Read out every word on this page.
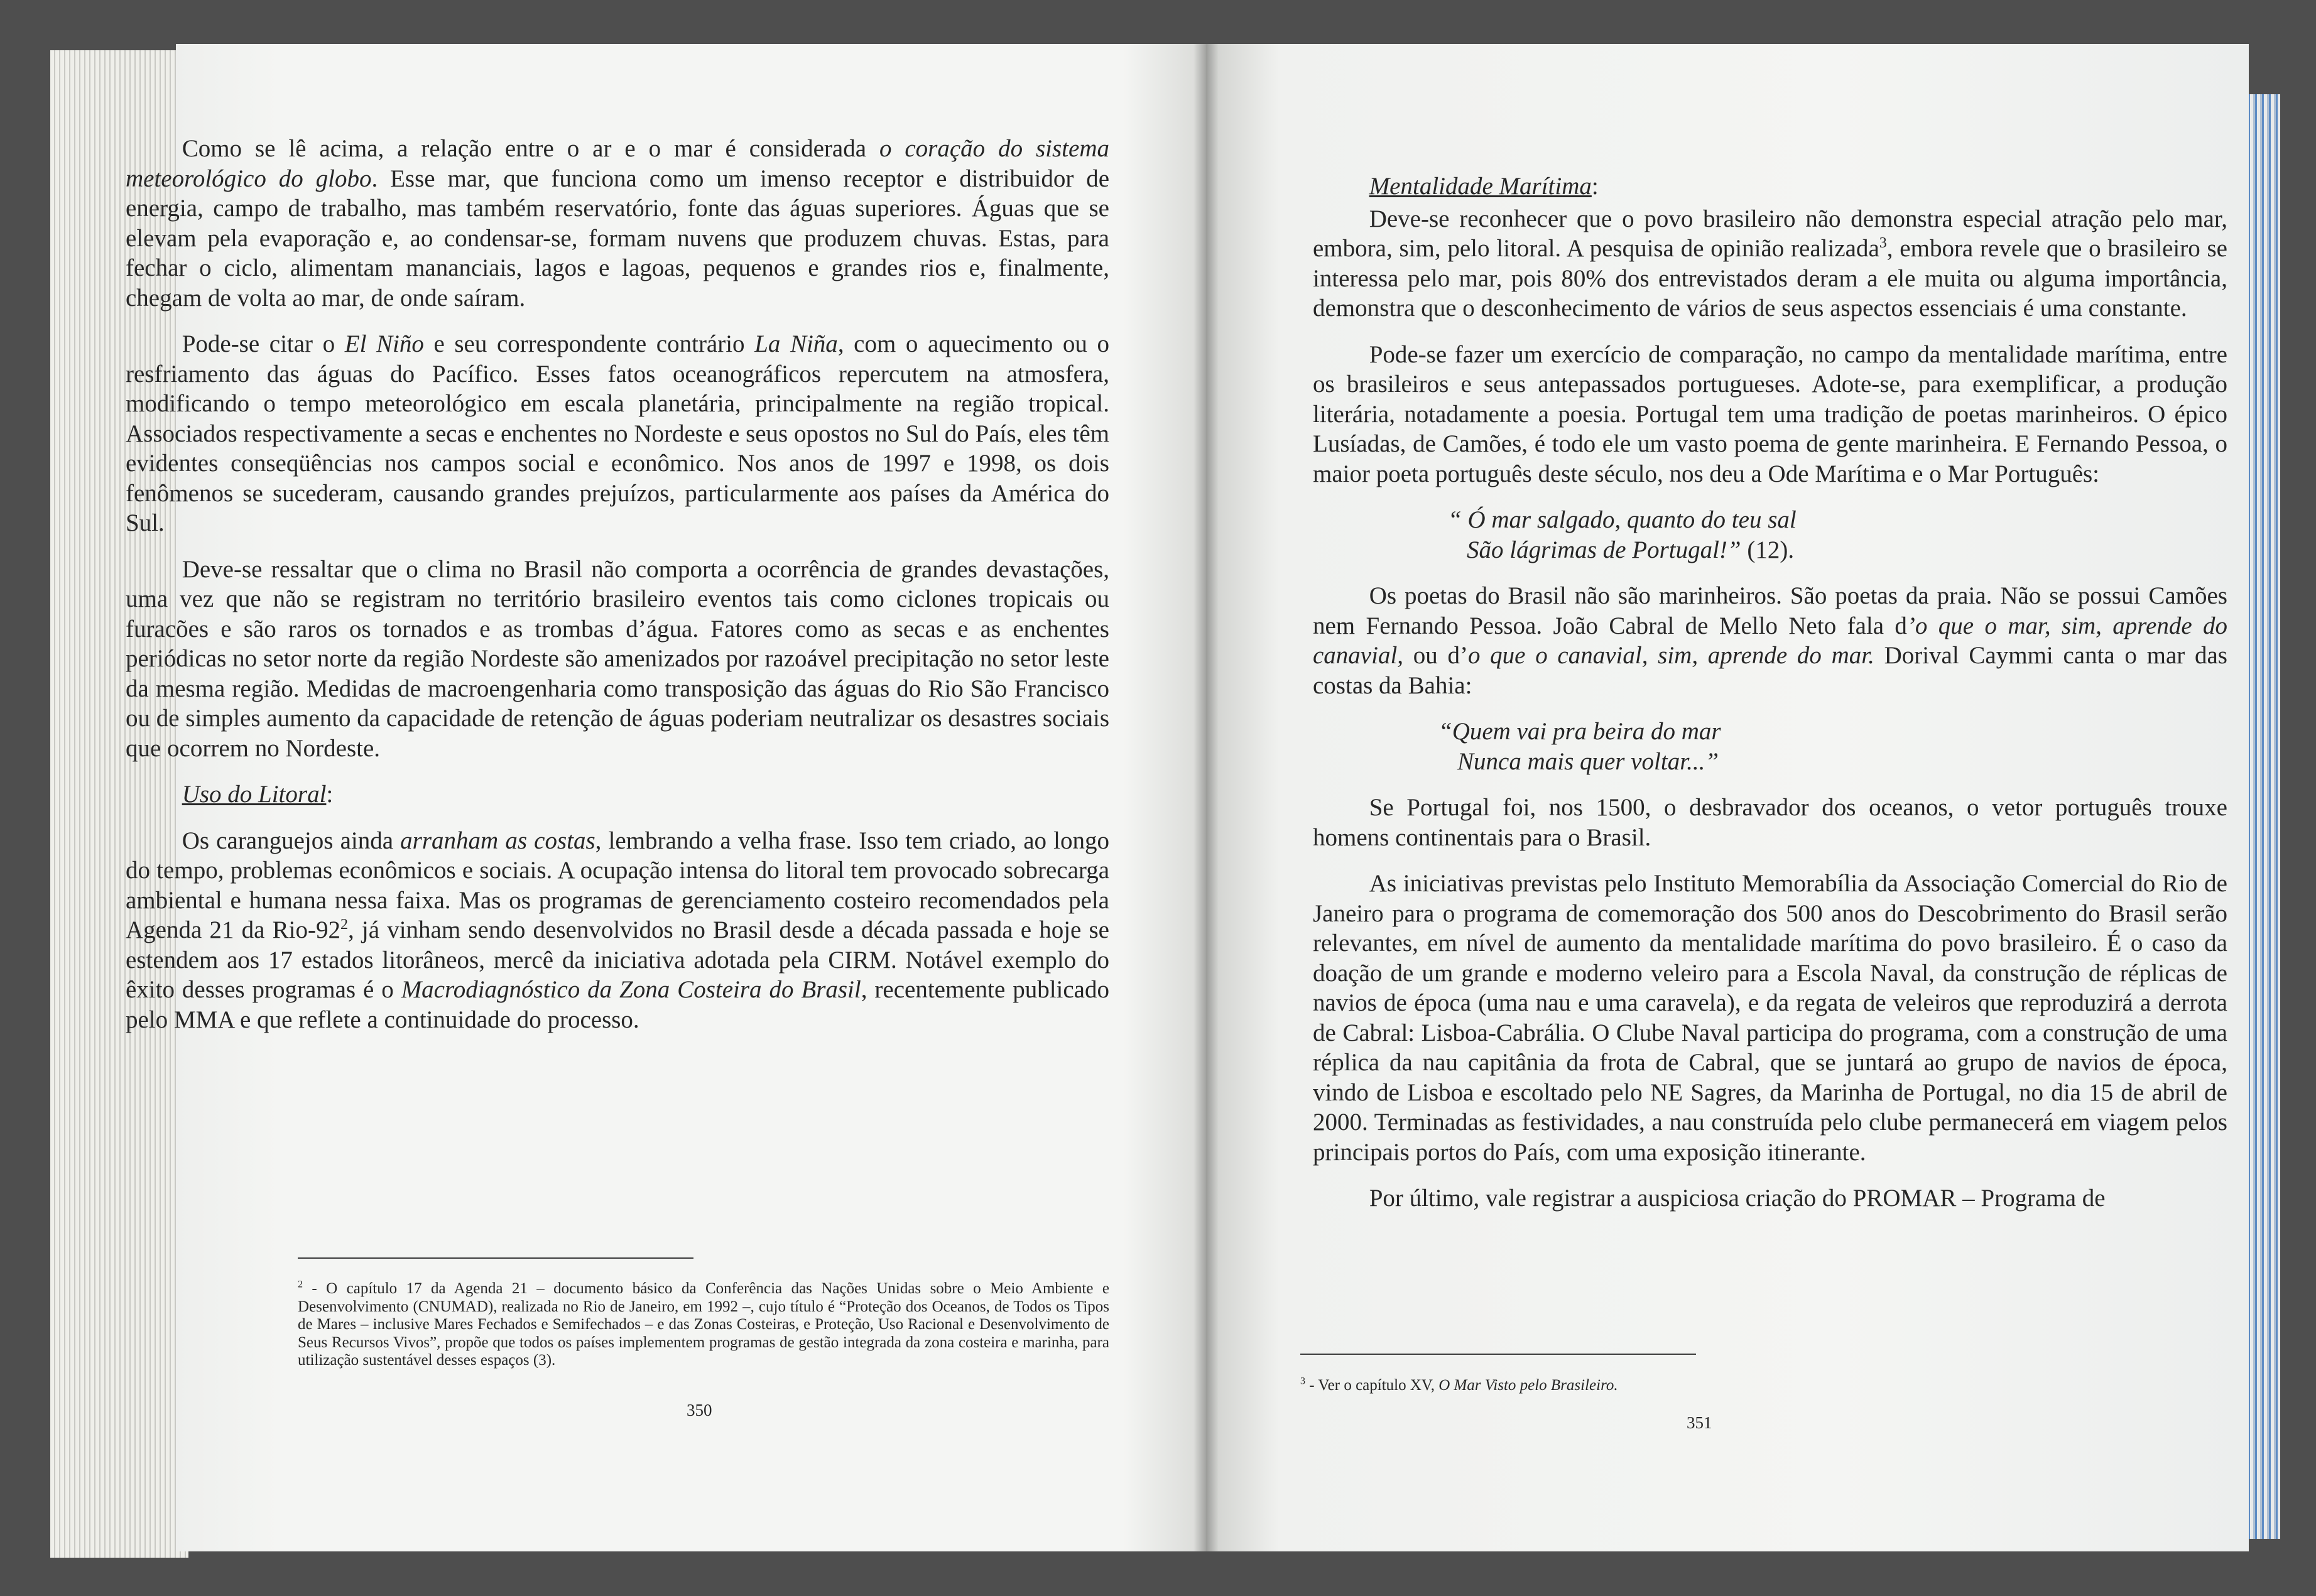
Como se lê acima, a relação entre o ar e o mar é considerada o coração do sistema meteorológico do globo. Esse mar, que funciona como um imenso receptor e distribuidor de energia, campo de trabalho, mas também reservatório, fonte das águas superiores. Águas que se elevam pela evaporação e, ao condensar-se, formam nuvens que produzem chuvas. Estas, para fechar o ciclo, alimentam mananciais, lagos e lagoas, pequenos e grandes rios e, finalmente, chegam de volta ao mar, de onde saíram.

Pode-se citar o El Niño e seu correspondente contrário La Niña, com o aquecimento ou o resfriamento das águas do Pacífico. Esses fatos oceanográficos repercutem na atmosfera, modificando o tempo meteorológico em escala planetária, principalmente na região tropical. Associados respectivamente a secas e enchentes no Nordeste e seus opostos no Sul do País, eles têm evidentes conseqüências nos campos social e econômico. Nos anos de 1997 e 1998, os dois fenômenos se sucederam, causando grandes prejuízos, particularmente aos países da América do Sul.

Deve-se ressaltar que o clima no Brasil não comporta a ocorrência de grandes devastações, uma vez que não se registram no território brasileiro eventos tais como ciclones tropicais ou furacões e são raros os tornados e as trombas d’água. Fatores como as secas e as enchentes periódicas no setor norte da região Nordeste são amenizados por razoável precipitação no setor leste da mesma região. Medidas de macroengenharia como transposição das águas do Rio São Francisco ou de simples aumento da capacidade de retenção de águas poderiam neutralizar os desastres sociais que ocorrem no Nordeste.

Uso do Litoral:

Os caranguejos ainda arranham as costas, lembrando a velha frase. Isso tem criado, ao longo do tempo, problemas econômicos e sociais. A ocupação intensa do litoral tem provocado sobrecarga ambiental e humana nessa faixa. Mas os programas de gerenciamento costeiro recomendados pela Agenda 21 da Rio-$92^2$, já vinham sendo desenvolvidos no Brasil desde a década passada e hoje se estendem aos 17 estados litorâneos, mercê da iniciativa adotada pela CIRM. Notável exemplo do êxito desses programas é o Macrodiagnóstico da Zona Costeira do Brasil, recentemente publicado pelo MMA e que reflete a continuidade do processo.

$^2$ - O capítulo 17 da Agenda 21 – documento básico da Conferência das Nações Unidas sobre o Meio Ambiente e Desenvolvimento (CNUMAD), realizada no Rio de Janeiro, em 1992 –, cujo título é “Proteção dos Oceanos, de Todos os Tipos de Mares – inclusive Mares Fechados e Semifechados – e das Zonas Costeiras, e Proteção, Uso Racional e Desenvolvimento de Seus Recursos Vivos”, propõe que todos os países implementem programas de gestão integrada da zona costeira e marinha, para utilização sustentável desses espaços (3).
350

Mentalidade Marítima:

Deve-se reconhecer que o povo brasileiro não demonstra especial atração pelo mar, embora, sim, pelo litoral. A pesquisa de opinião realizada$^3$, embora revele que o brasileiro se interessa pelo mar, pois 80% dos entrevistados deram a ele muita ou alguma importância, demonstra que o desconhecimento de vários de seus aspectos essenciais é uma constante.

Pode-se fazer um exercício de comparação, no campo da mentalidade marítima, entre os brasileiros e seus antepassados portugueses. Adote-se, para exemplificar, a produção literária, notadamente a poesia. Portugal tem uma tradição de poetas marinheiros. O épico Lusíadas, de Camões, é todo ele um vasto poema de gente marinheira. E Fernando Pessoa, o maior poeta português deste século, nos deu a Ode Marítima e o Mar Português:

“ Ó mar salgado, quanto do teu sal
São lágrimas de Portugal!” (12).

Os poetas do Brasil não são marinheiros. São poetas da praia. Não se possui Camões nem Fernando Pessoa. João Cabral de Mello Neto fala d’o que o mar, sim, aprende do canavial, ou d’o que o canavial, sim, aprende do mar. Dorival Caymmi canta o mar das costas da Bahia:

“Quem vai pra beira do mar
Nunca mais quer voltar...”

Se Portugal foi, nos 1500, o desbravador dos oceanos, o vetor português trouxe homens continentais para o Brasil.

As iniciativas previstas pelo Instituto Memorabília da Associação Comercial do Rio de Janeiro para o programa de comemoração dos 500 anos do Descobrimento do Brasil serão relevantes, em nível de aumento da mentalidade marítima do povo brasileiro. É o caso da doação de um grande e moderno veleiro para a Escola Naval, da construção de réplicas de navios de época (uma nau e uma caravela), e da regata de veleiros que reproduzirá a derrota de Cabral: Lisboa-Cabrália. O Clube Naval participa do programa, com a construção de uma réplica da nau capitânia da frota de Cabral, que se juntará ao grupo de navios de época, vindo de Lisboa e escoltado pelo NE Sagres, da Marinha de Portugal, no dia 15 de abril de 2000. Terminadas as festividades, a nau construída pelo clube permanecerá em viagem pelos principais portos do País, com uma exposição itinerante.

Por último, vale registrar a auspiciosa criação do PROMAR – Programa de

$^3$ - Ver o capítulo XV, O Mar Visto pelo Brasileiro.
351
